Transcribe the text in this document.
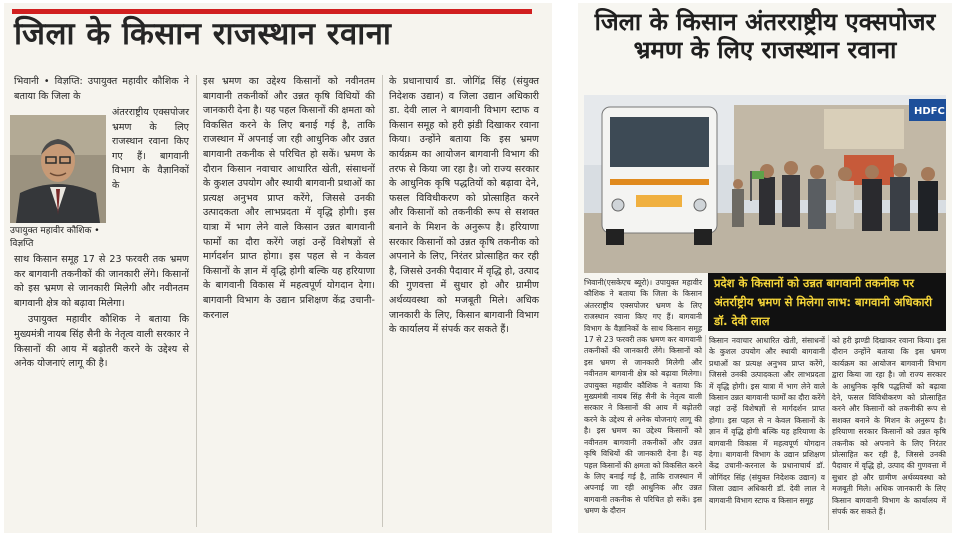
जिला के किसान राजस्थान रवाना
उपायुक्त महावीर कौशिक • विज्ञप्ति

भिवानी • विज्ञप्ति: उपायुक्त महावीर कौशिक ने बताया कि जिला के

अंतरराष्ट्रीय एक्सपोजर भ्रमण के लिए राजस्थान रवाना किए गए हैं। बागवानी विभाग के वैज्ञानिकों के

साथ किसान समूह 17 से 23 फरवरी तक भ्रमण कर बागवानी तकनीकों की जानकारी लेंगे। किसानों को इस भ्रमण से जानकारी मिलेगी और नवीनतम बागवानी क्षेत्र को बढ़ावा मिलेगा।

उपायुक्त महावीर कौशिक ने बताया कि मुख्यमंत्री नायब सिंह सैनी के नेतृत्व वाली सरकार ने किसानों की आय में बढ़ोतरी करने के उद्देश्य से अनेक योजनाएं लागू की है।

इस भ्रमण का उद्देश्य किसानों को नवीनतम बागवानी तकनीकों और उन्नत कृषि विधियों की जानकारी देना है। यह पहल किसानों की क्षमता को विकसित करने के लिए बनाई गई है, ताकि राजस्थान में अपनाई जा रही आधुनिक और उन्नत बागवानी तकनीक से परिचित हो सकें। भ्रमण के दौरान किसान नवाचार आधारित खेती, संसाधनों के कुशल उपयोग और स्थायी बागवानी प्रथाओं का प्रत्यक्ष अनुभव प्राप्त करेंगे, जिससे उनकी उत्पादकता और लाभप्रदता में वृद्धि होगी। इस यात्रा में भाग लेने वाले किसान उन्नत बागवानी फार्मों का दौरा करेंगे जहां उन्हें विशेषज्ञों से मार्गदर्शन प्राप्त होगा। इस पहल से न केवल किसानों के ज्ञान में वृद्धि होगी बल्कि यह हरियाणा के बागवानी विकास में महत्वपूर्ण योगदान देगा।बागवानी विभाग के उद्यान प्रशिक्षण केंद्र उचानी-करनाल

के प्रधानाचार्य डा. जोगिंद्र सिंह (संयुक्त निदेशक उद्यान) व जिला उद्यान अधिकारी डा. देवी लाल ने बागवानी विभाग स्टाफ व किसान समूह को हरी झंडी दिखाकर रवाना किया। उन्होंने बताया कि इस भ्रमण कार्यक्रम का आयोजन बागवानी विभाग की तरफ से किया जा रहा है। जो राज्य सरकार के आधुनिक कृषि पद्धतियों को बढ़ावा देने, फसल विविधीकरण को प्रोत्साहित करने और किसानों को तकनीकी रूप से सशक्त बनाने के मिशन के अनुरूप है। हरियाणा सरकार किसानों को उन्नत कृषि तकनीक को अपनाने के लिए, निरंतर प्रोत्साहित कर रही है, जिससे उनकी पैदावार में वृद्धि हो, उत्पाद की गुणवत्ता में सुधार हो और ग्रामीण अर्थव्यवस्था को मजबूती मिले। अधिक जानकारी के लिए, किसान बागवानी विभाग के कार्यालय में संपर्क कर सकते हैं।

जिला के किसान अंतरराष्ट्रीय एक्सपोजर भ्रमण के लिए राजस्थान रवाना
HDFC
प्रदेश के किसानों को उन्नत बागवानी तकनीक पर अंतर्राष्ट्रीय भ्रमण से मिलेगा लाभ: बागवानी अधिकारी डॉ. देवी लाल

भिवानी(एसकेएच ब्यूरो)। उपायुक्त महावीर कौशिक ने बताया कि जिला के किसान अंतरराष्ट्रीय एक्सपोजर भ्रमण के लिए राजस्थान रवाना किए गए हैं। बागवानी विभाग के वैज्ञानिकों के साथ किसान समूह 17 से 23 फरवरी तक भ्रमण कर बागवानी तकनीकों की जानकारी लेंगे। किसानों को इस भ्रमण से जानकारी मिलेगी और नवीनतम बागवानी क्षेत्र को बढ़ावा मिलेगा। उपायुक्त महावीर कौशिक ने बताया कि मुख्यमंत्री नायब सिंह सैनी के नेतृत्व वाली सरकार ने किसानों की आय में बढ़ोतरी करने के उद्देश्य से अनेक योजनाएं लागू की है। इस भ्रमण का उद्देश्य किसानों को नवीनतम बागवानी तकनीकों और उन्नत कृषि विधियों की जानकारी देना है। यह पहल किसानों की क्षमता को विकसित करने के लिए बनाई गई है, ताकि राजस्थान में अपनाई जा रही आधुनिक और उन्नत बागवानी तकनीक से परिचित हो सकें। इस भ्रमण के दौरान

किसान नवाचार आधारित खेती, संसाधनों के कुशल उपयोग और स्थायी बागवानी प्रथाओं का प्रत्यक्ष अनुभव प्राप्त करेंगे, जिससे उनकी उत्पादकता और लाभप्रदता में वृद्धि होगी। इस यात्रा में भाग लेने वाले किसान उन्नत बागवानी फार्मों का दौरा करेंगे जहां उन्हें विशेषज्ञों से मार्गदर्शन प्राप्त होगा। इस पहल से न केवल किसानों के ज्ञान में वृद्धि होगी बल्कि यह हरियाणा के बागवानी विकास में महत्वपूर्ण योगदान देगा। बागवानी विभाग के उद्यान प्रशिक्षण केंद्र उचानी-करनाल के प्रधानाचार्य डॉ. जोगिंदर सिंह (संयुक्त निदेशक उद्यान) व जिला उद्यान अधिकारी डॉ. देवी लाल ने बागवानी विभाग स्टाफ व किसान समूह

को हरी झण्डी दिखाकर रवाना किया। इस दौरान उन्होंने बताया कि इस भ्रमण कार्यक्रम का आयोजन बागवानी विभाग द्वारा किया जा रहा है। जो राज्य सरकार के आधुनिक कृषि पद्धतियों को बढ़ावा देने, फसल विविधीकरण को प्रोत्साहित करने और किसानों को तकनीकी रूप से सशक्त बनाने के मिशन के अनुरूप है। हरियाणा सरकार किसानों को उन्नत कृषि तकनीक को अपनाने के लिए निरंतर प्रोत्साहित कर रही है, जिससे उनकी पैदावार में वृद्धि हो, उत्पाद की गुणवत्ता में सुधार हो और ग्रामीण अर्थव्यवस्था को मजबूती मिले। अधिक जानकारी के लिए किसान बागवानी विभाग के कार्यालय में संपर्क कर सकते हैं।
